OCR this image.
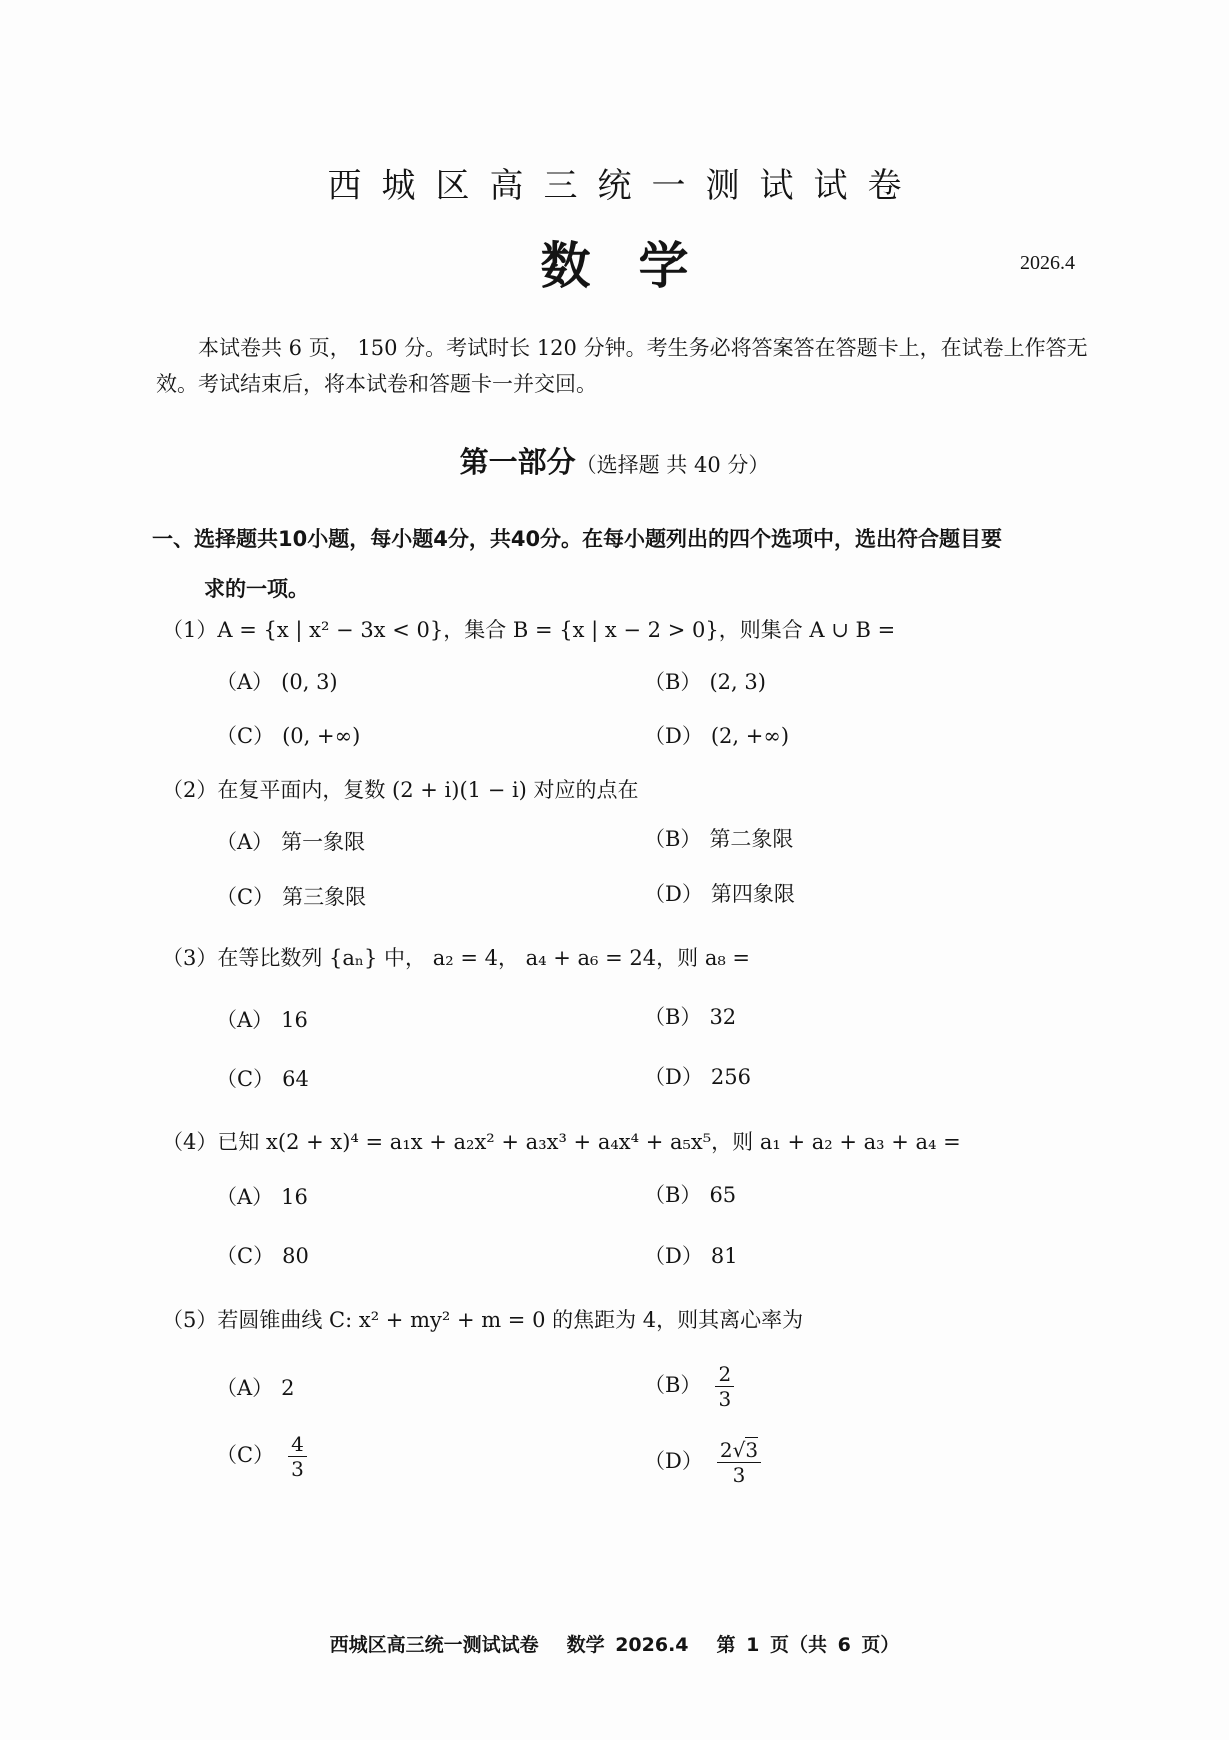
西城区高三统一测试试卷
数学	2026.4
本试卷共 6 页， 150 分。考试时长 120 分钟。考生务必将答案答在答题卡上，在试卷上作答无效。考试结束后，将本试卷和答题卡一并交回。
第一部分（选择题 共 40 分）
一、选择题共10小题，每小题4分，共40分。在每小题列出的四个选项中，选出符合题目要
求的一项。
（1）A = {x | x² − 3x < 0}，集合 B = {x | x − 2 > 0}，则集合 A ∪ B =
（A） (0, 3)	（B） (2, 3)
（C） (0, +∞)	（D） (2, +∞)
（2）在复平面内，复数 (2 + i)(1 − i) 对应的点在
（A） 第一象限	（B） 第二象限
（C） 第三象限	（D） 第四象限
（3）在等比数列 {aₙ} 中， a₂ = 4， a₄ + a₆ = 24，则 a₈ =
（A） 16	（B） 32
（C） 64	（D） 256
（4）已知 x(2 + x)⁴ = a₁x + a₂x² + a₃x³ + a₄x⁴ + a₅x⁵，则 a₁ + a₂ + a₃ + a₄ =
（A） 16	（B） 65
（C） 80	（D） 81
（5）若圆锥曲线 C: x² + my² + m = 0 的焦距为 4，则其离心率为
（A） 2	$(B) \frac{2}{3}$
$(C) \frac{4}{3}$	$(D) \frac{2√3}{3}$
西城区高三统一测试试卷 数学 2026.4 第 1 页（共 6 页）
